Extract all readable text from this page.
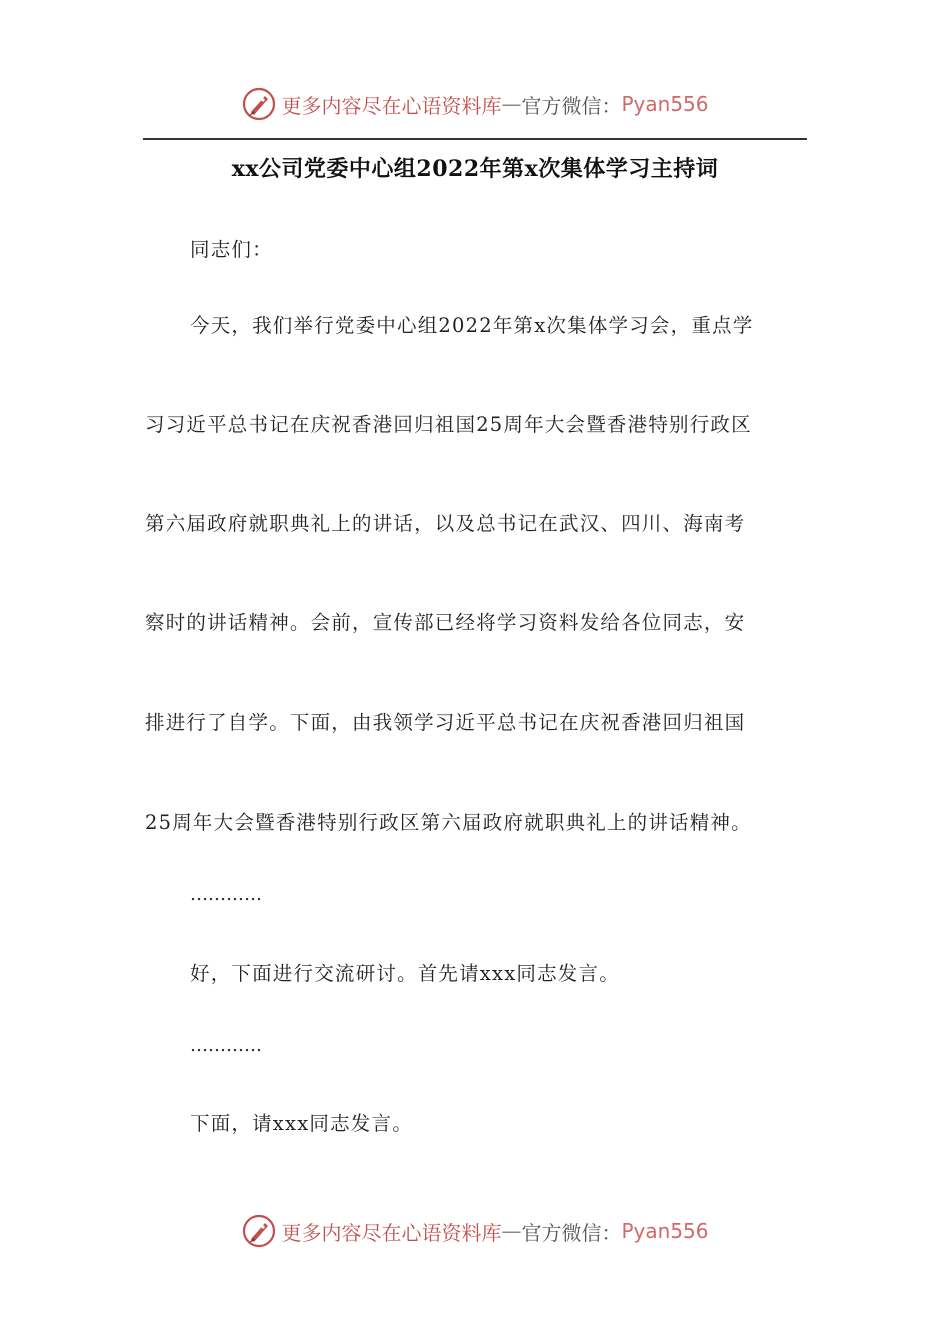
更多内容尽在心语资料库 — 官方微信： Pyan556
xx公司党委中心组2022年第x次集体学习主持词
同志们：
今天，我们举行党委中心组2022年第x次集体学习会，重点学
习习近平总书记在庆祝香港回归祖国25周年大会暨香港特别行政区
第六届政府就职典礼上的讲话，以及总书记在武汉、四川、海南考
察时的讲话精神。会前，宣传部已经将学习资料发给各位同志，安
排进行了自学。下面，由我领学习近平总书记在庆祝香港回归祖国
25周年大会暨香港特别行政区第六届政府就职典礼上的讲话精神。
…………
好，下面进行交流研讨。首先请xxx同志发言。
…………
下面，请xxx同志发言。
更多内容尽在心语资料库 — 官方微信： Pyan556
